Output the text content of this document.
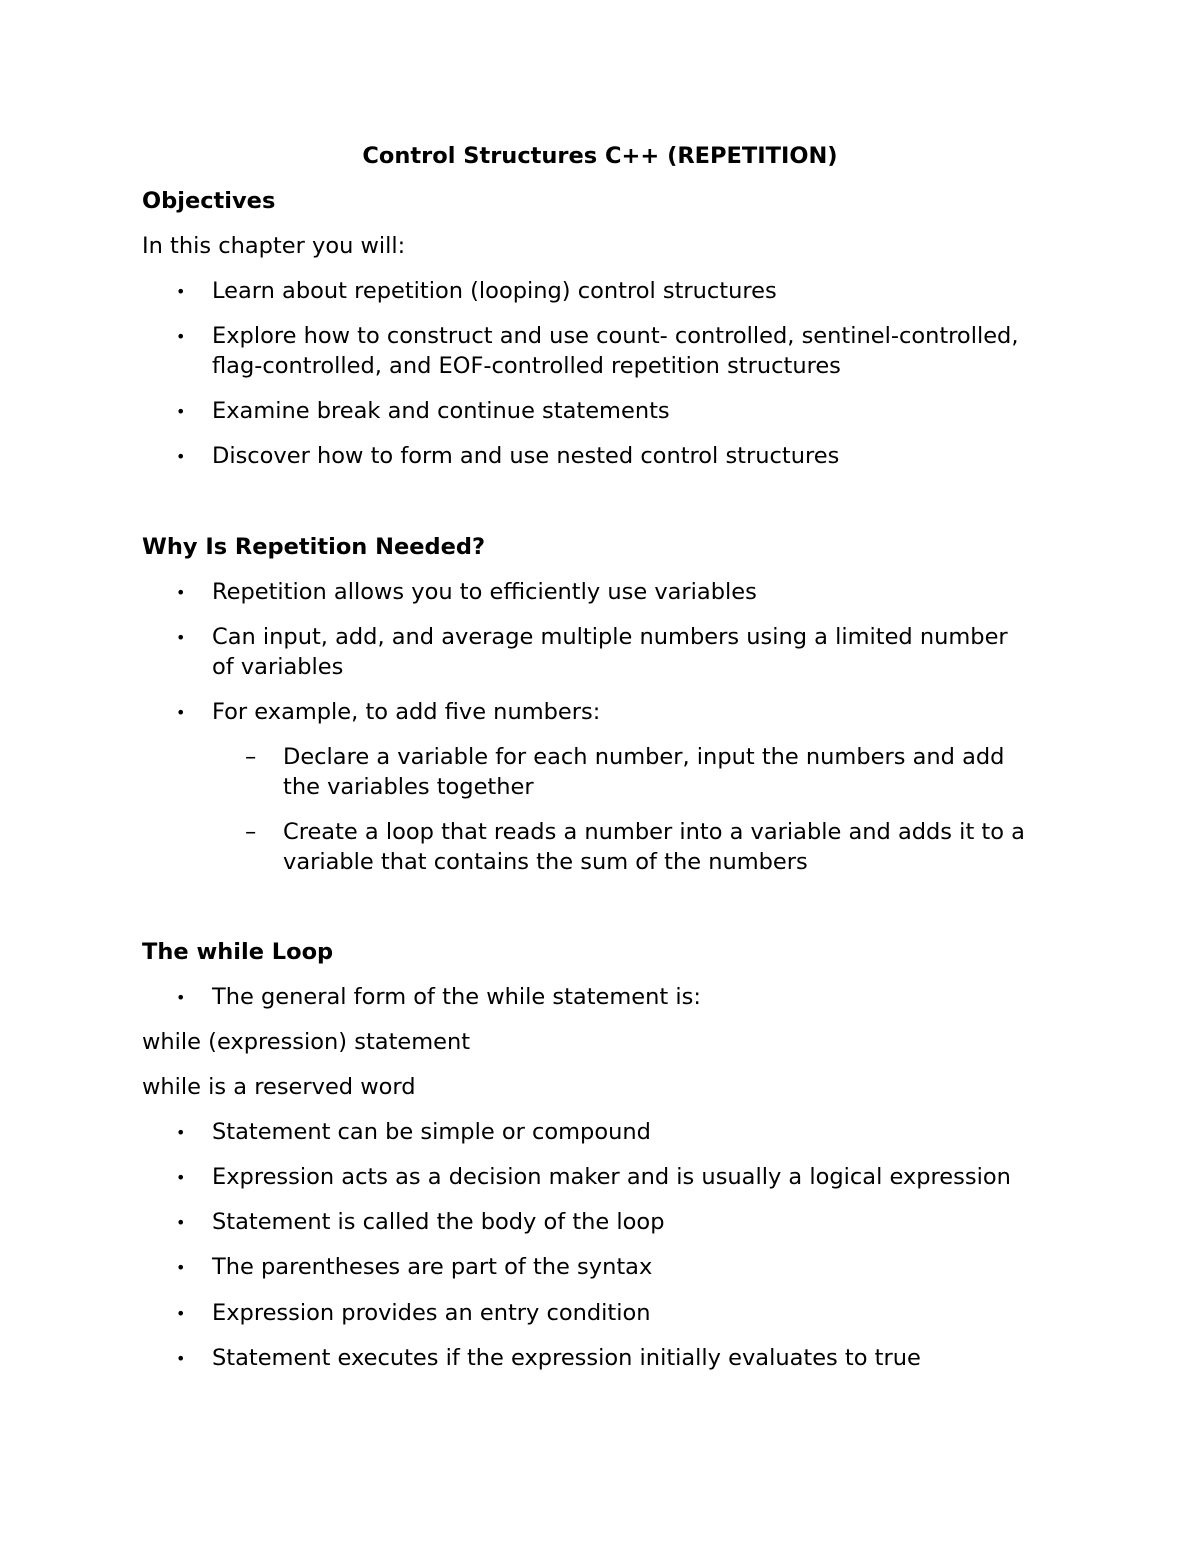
Control Structures C++ (REPETITION)
Objectives
In this chapter you will:
• Learn about repetition (looping) control structures
• Explore how to construct and use count- controlled, sentinel-controlled,
flag-controlled, and EOF-controlled repetition structures
• Examine break and continue statements
• Discover how to form and use nested control structures
Why Is Repetition Needed?
• Repetition allows you to efficiently use variables
• Can input, add, and average multiple numbers using a limited number
of variables
• For example, to add five numbers:
– Declare a variable for each number, input the numbers and add
the variables together
– Create a loop that reads a number into a variable and adds it to a
variable that contains the sum of the numbers
The while Loop
• The general form of the while statement is:
while (expression) statement
while is a reserved word
• Statement can be simple or compound
• Expression acts as a decision maker and is usually a logical expression
• Statement is called the body of the loop
• The parentheses are part of the syntax
• Expression provides an entry condition
• Statement executes if the expression initially evaluates to true
